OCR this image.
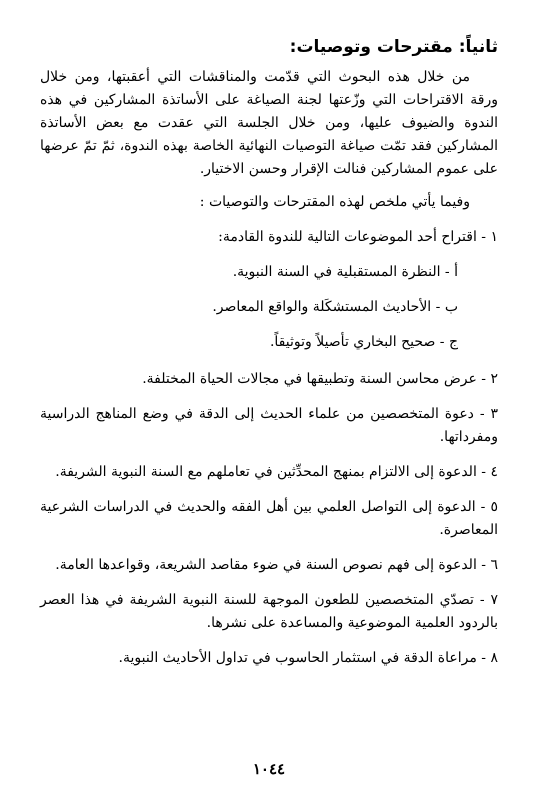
ثانياً: مقترحات وتوصيات:

من خلال هذه البحوث التي قدّمت والمناقشات التي أعقبتها، ومن خلال ورقة الاقتراحات التي وزّعتها لجنة الصياغة على الأساتذة المشاركين في هذه الندوة والضيوف عليها، ومن خلال الجلسة التي عقدت مع بعض الأساتذة المشاركين فقد تمّت صياغة التوصيات النهائية الخاصة بهذه الندوة، ثمّ تمّ عرضها على عموم المشاركين فنالت الإقرار وحسن الاختيار.

وفيما يأتي ملخص لهذه المقترحات والتوصيات :

١ - اقتراح أحد الموضوعات التالية للندوة القادمة:

أ - النظرة المستقبلية في السنة النبوية.

ب - الأحاديث المستشكَلة والواقع المعاصر.

ج - صحيح البخاري تأصيلاً وتوثيقاً.

٢ - عرض محاسن السنة وتطبيقها في مجالات الحياة المختلفة.

٣ - دعوة المتخصصين من علماء الحديث إلى الدقة في وضع المناهج الدراسية ومفرداتها.

٤ - الدعوة إلى الالتزام بمنهج المحدِّثين في تعاملهم مع السنة النبوية الشريفة.

٥ - الدعوة إلى التواصل العلمي بين أهل الفقه والحديث في الدراسات الشرعية المعاصرة.

٦ - الدعوة إلى فهم نصوص السنة في ضوء مقاصد الشريعة، وقواعدها العامة.

٧ - تصدّي المتخصصين للطعون الموجهة للسنة النبوية الشريفة في هذا العصر بالردود العلمية الموضوعية والمساعدة على نشرها.

٨ - مراعاة الدقة في استثمار الحاسوب في تداول الأحاديث النبوية.

١٠٤٤
